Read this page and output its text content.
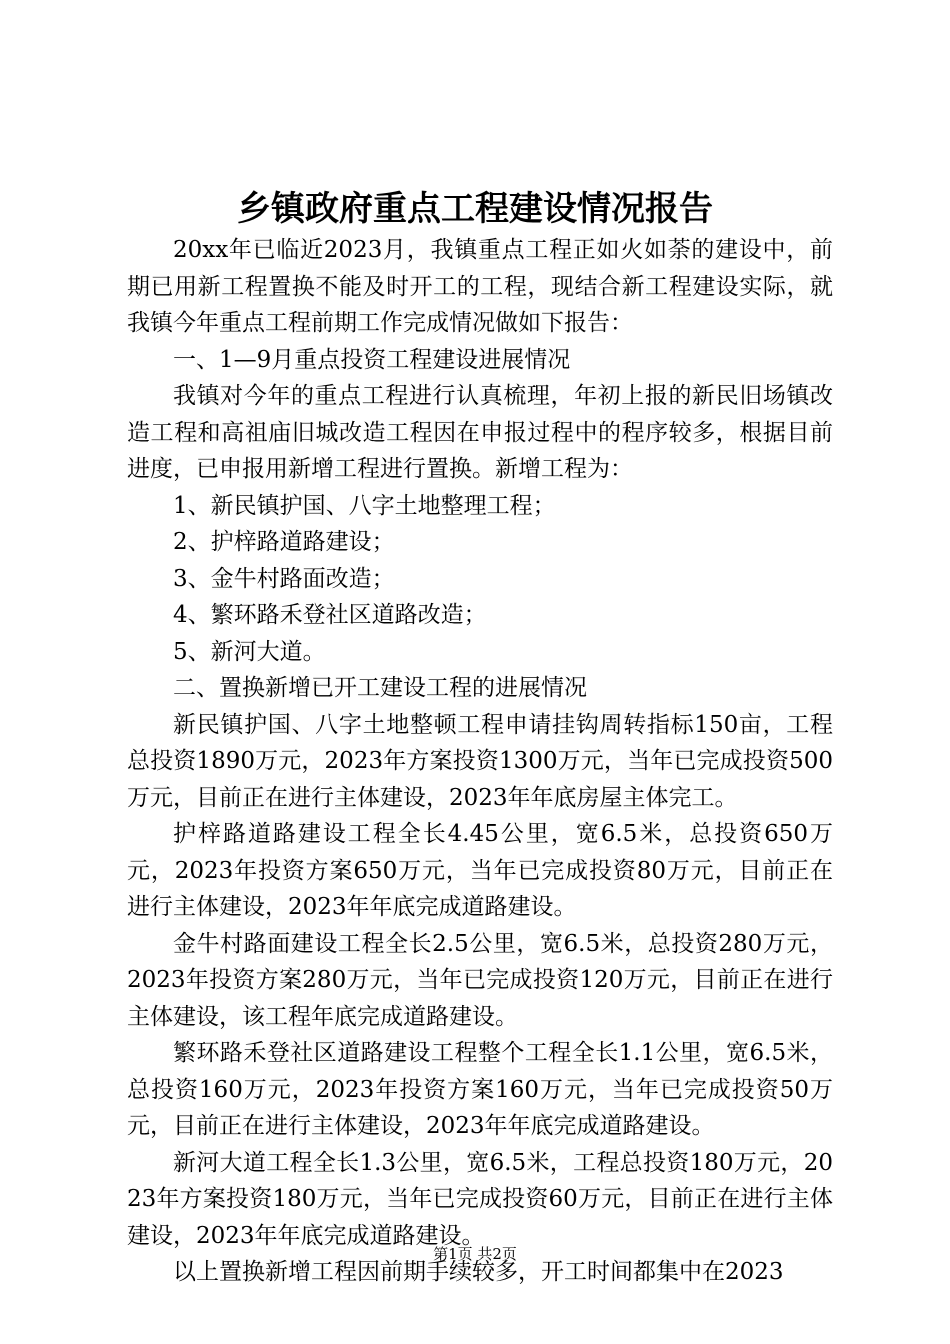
乡镇政府重点工程建设情况报告

20xx年已临近2023月，我镇重点工程正如火如荼的建设中，前期已用新工程置换不能及时开工的工程，现结合新工程建设实际，就我镇今年重点工程前期工作完成情况做如下报告：

一、1—9月重点投资工程建设进展情况

我镇对今年的重点工程进行认真梳理，年初上报的新民旧场镇改造工程和高祖庙旧城改造工程因在申报过程中的程序较多，根据目前进度，已申报用新增工程进行置换。新增工程为：

1、新民镇护国、八字土地整理工程；

2、护梓路道路建设；

3、金牛村路面改造；

4、繁环路禾登社区道路改造；

5、新河大道。

二、置换新增已开工建设工程的进展情况

新民镇护国、八字土地整顿工程申请挂钩周转指标150亩，工程总投资1890万元，2023年方案投资1300万元，当年已完成投资500万元，目前正在进行主体建设，2023年年底房屋主体完工。

护梓路道路建设工程全长4.45公里，宽6.5米，总投资650万元，2023年投资方案650万元，当年已完成投资80万元，目前正在进行主体建设，2023年年底完成道路建设。

金牛村路面建设工程全长2.5公里，宽6.5米，总投资280万元，2023年投资方案280万元，当年已完成投资120万元，目前正在进行主体建设，该工程年底完成道路建设。

繁环路禾登社区道路建设工程整个工程全长1.1公里，宽6.5米，总投资160万元，2023年投资方案160万元，当年已完成投资50万元，目前正在进行主体建设，2023年年底完成道路建设。

新河大道工程全长1.3公里，宽6.5米，工程总投资180万元，2023年方案投资180万元，当年已完成投资60万元，目前正在进行主体建设，2023年年底完成道路建设。

以上置换新增工程因前期手续较多，开工时间都集中在2023

第1页 共2页
